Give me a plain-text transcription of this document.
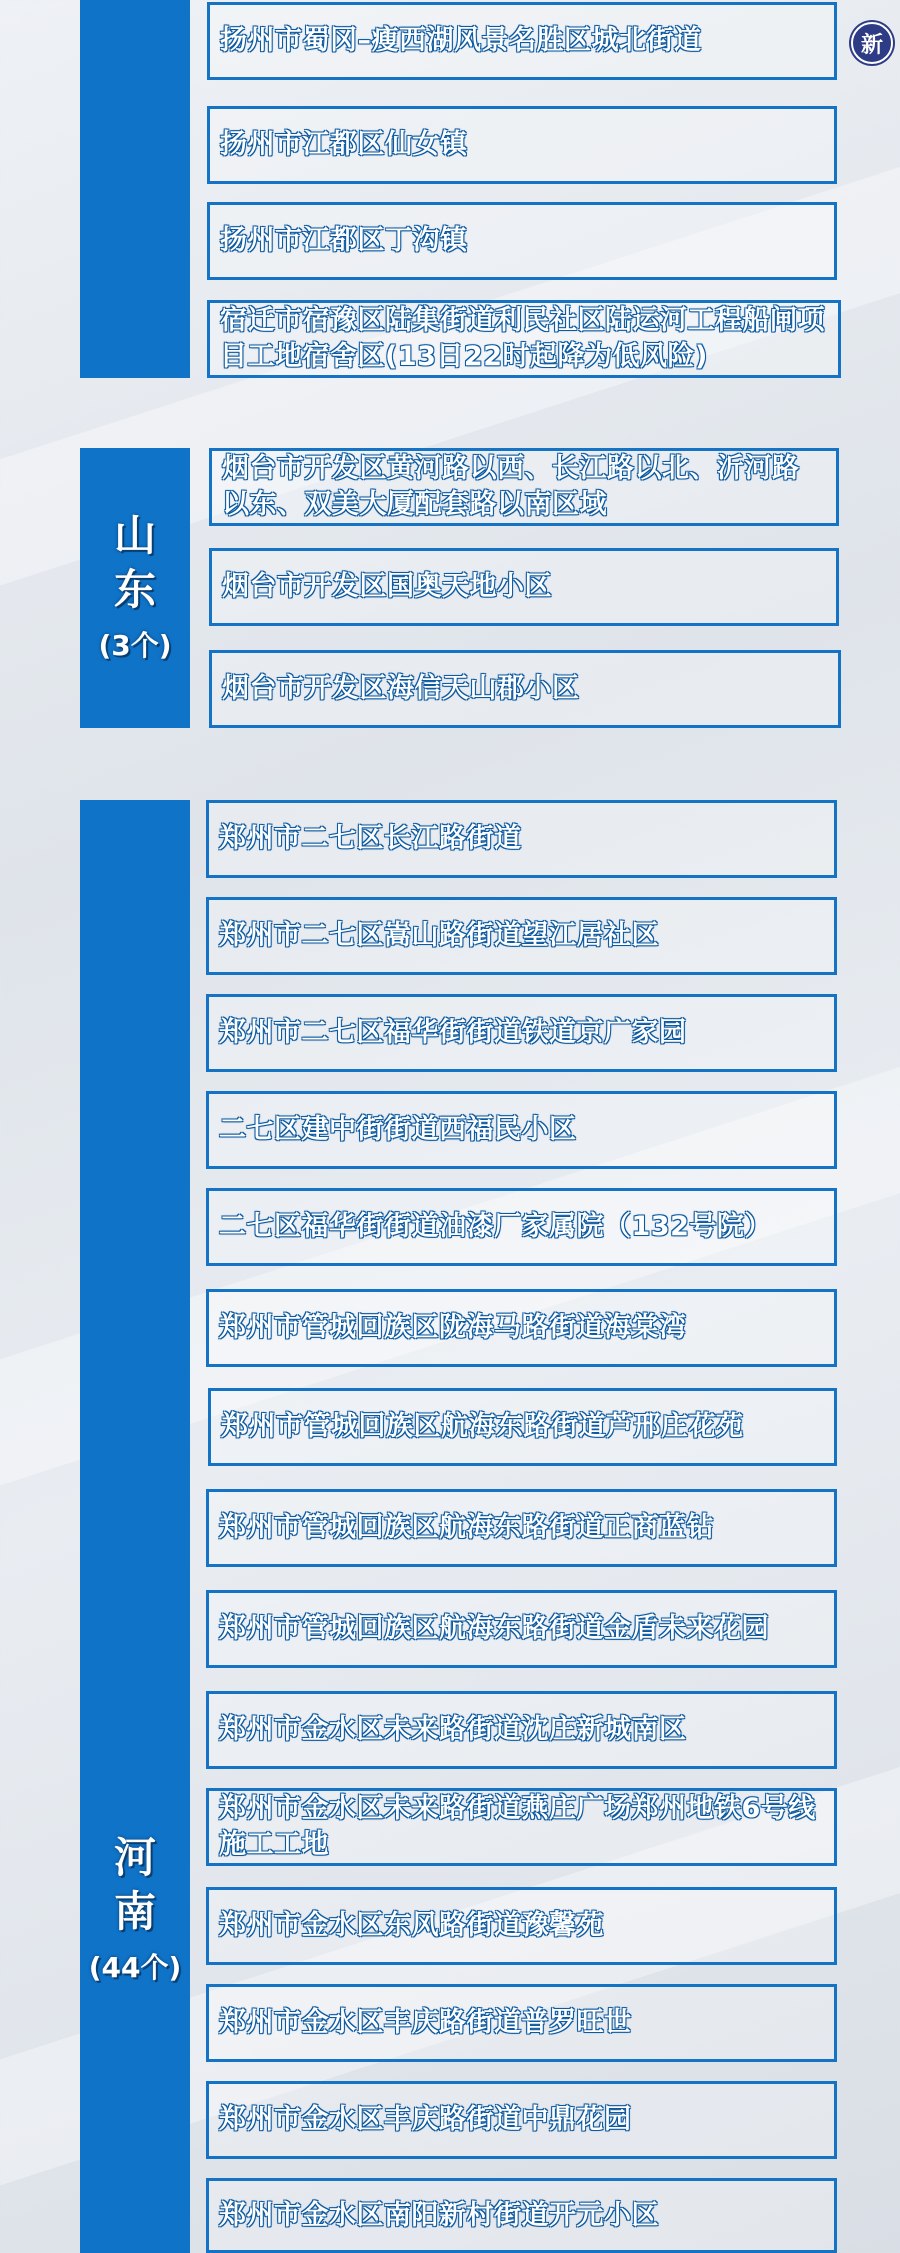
扬州市蜀冈–瘦西湖风景名胜区城北街道	新
扬州市江都区仙女镇
扬州市江都区丁沟镇
宿迁市宿豫区陆集街道利民社区陆运河工程船闸项目工地宿舍区(13日22时起降为低风险)
山
东
(3个)
烟台市开发区黄河路以西、长江路以北、沂河路以东、双美大厦配套路以南区域
烟台市开发区国奥天地小区
烟台市开发区海信天山郡小区
河
南
(44个)
郑州市二七区长江路街道
郑州市二七区嵩山路街道望江居社区
郑州市二七区福华街街道铁道京广家园
二七区建中街街道西福民小区
二七区福华街街道油漆厂家属院（132号院）
郑州市管城回族区陇海马路街道海棠湾
郑州市管城回族区航海东路街道芦邢庄花苑
郑州市管城回族区航海东路街道正商蓝钻
郑州市管城回族区航海东路街道金盾未来花园
郑州市金水区未来路街道沈庄新城南区
郑州市金水区未来路街道燕庄广场郑州地铁6号线施工工地
郑州市金水区东风路街道豫馨苑
郑州市金水区丰庆路街道普罗旺世
郑州市金水区丰庆路街道中鼎花园
郑州市金水区南阳新村街道开元小区
